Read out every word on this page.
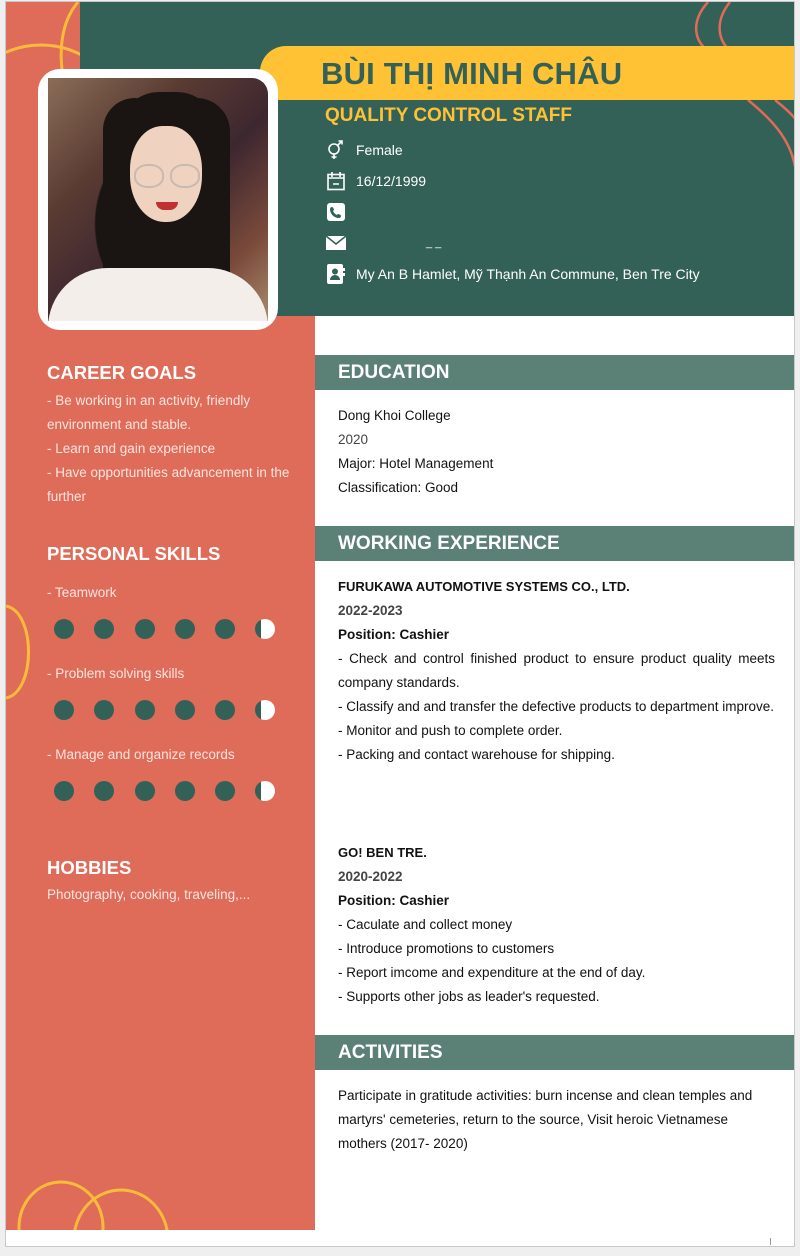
BÙI THỊ MINH CHÂU
QUALITY CONTROL STAFF
Female
16/12/1999
_ _
My An B Hamlet, Mỹ Thạnh An Commune, Ben Tre City
CAREER GOALS
- Be working in an activity, friendly environment and stable.
- Learn and gain experience
- Have opportunities advancement in the further
PERSONAL SKILLS
- Teamwork
- Problem solving skills
- Manage and organize records
HOBBIES
Photography, cooking, traveling,...
EDUCATION
Dong Khoi College
2020
Major: Hotel Management
Classification: Good
WORKING EXPERIENCE
FURUKAWA AUTOMOTIVE SYSTEMS CO., LTD.
2022-2023
Position: Cashier
- Check and control finished product to ensure product quality meets company standards.
- Classify and and transfer the defective products to department improve.
- Monitor and push to complete order.
- Packing and contact warehouse for shipping.
GO! BEN TRE.
2020-2022
Position: Cashier
- Caculate and collect money
- Introduce promotions to customers
- Report imcome and expenditure at the end of day.
- Supports other jobs as leader's requested.
ACTIVITIES
Participate in gratitude activities: burn incense and clean temples and martyrs' cemeteries, return to the source, Visit heroic Vietnamese mothers (2017- 2020)
